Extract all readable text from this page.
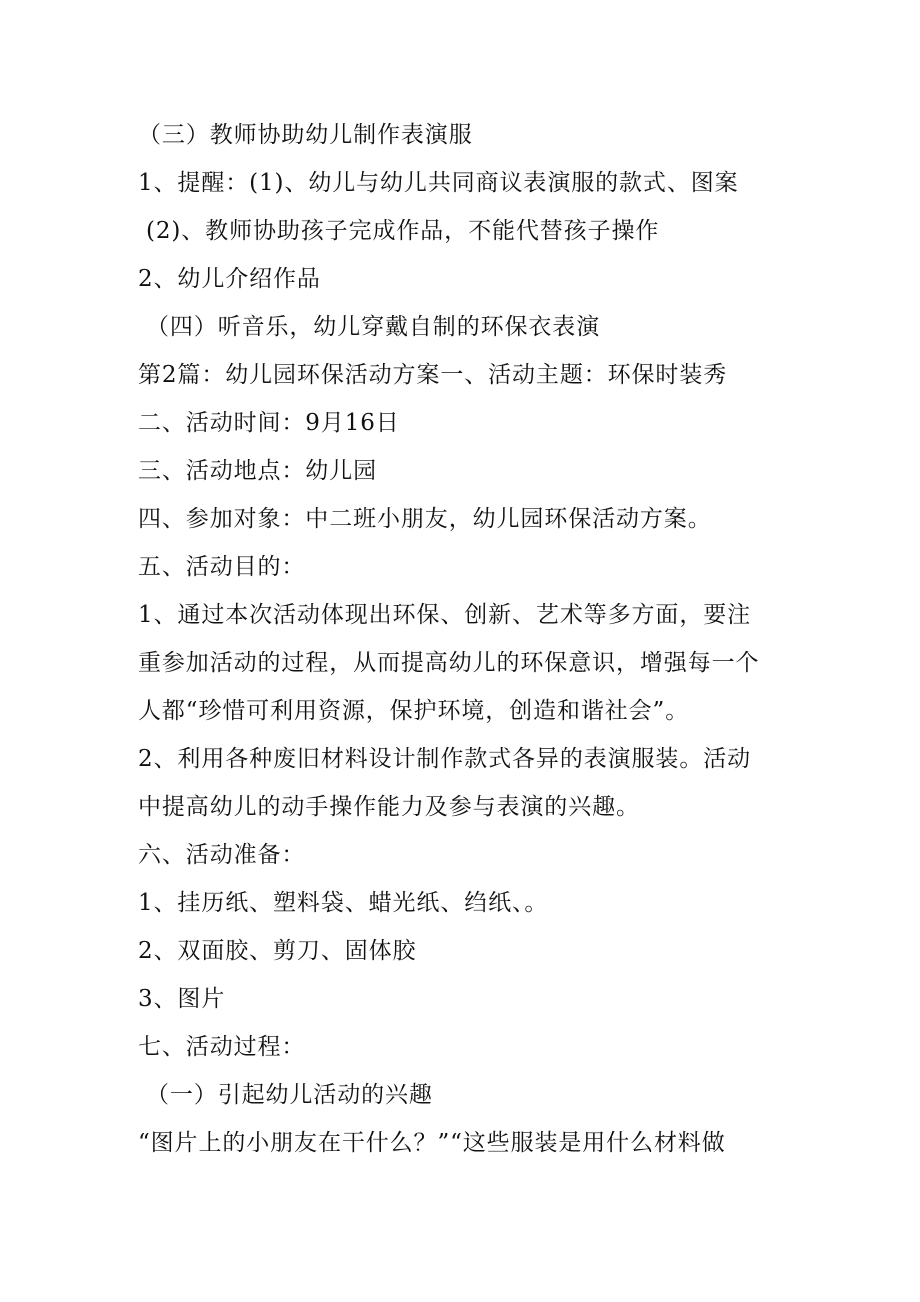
（三）教师协助幼儿制作表演服
1、提醒：(1)、幼儿与幼儿共同商议表演服的款式、图案
(2)、教师协助孩子完成作品，不能代替孩子操作
2、幼儿介绍作品
（四）听音乐，幼儿穿戴自制的环保衣表演
第2篇：幼儿园环保活动方案一、活动主题：环保时装秀
二、活动时间：9月16日
三、活动地点：幼儿园
四、参加对象：中二班小朋友，幼儿园环保活动方案。
五、活动目的：
1、通过本次活动体现出环保、创新、艺术等多方面，要注
重参加活动的过程，从而提高幼儿的环保意识，增强每一个
人都“珍惜可利用资源，保护环境，创造和谐社会”。
2、利用各种废旧材料设计制作款式各异的表演服装。活动
中提高幼儿的动手操作能力及参与表演的兴趣。
六、活动准备：
1、挂历纸、塑料袋、蜡光纸、绉纸、。
2、双面胶、剪刀、固体胶
3、图片
七、活动过程：
（一）引起幼儿活动的兴趣
“图片上的小朋友在干什么？”“这些服装是用什么材料做
